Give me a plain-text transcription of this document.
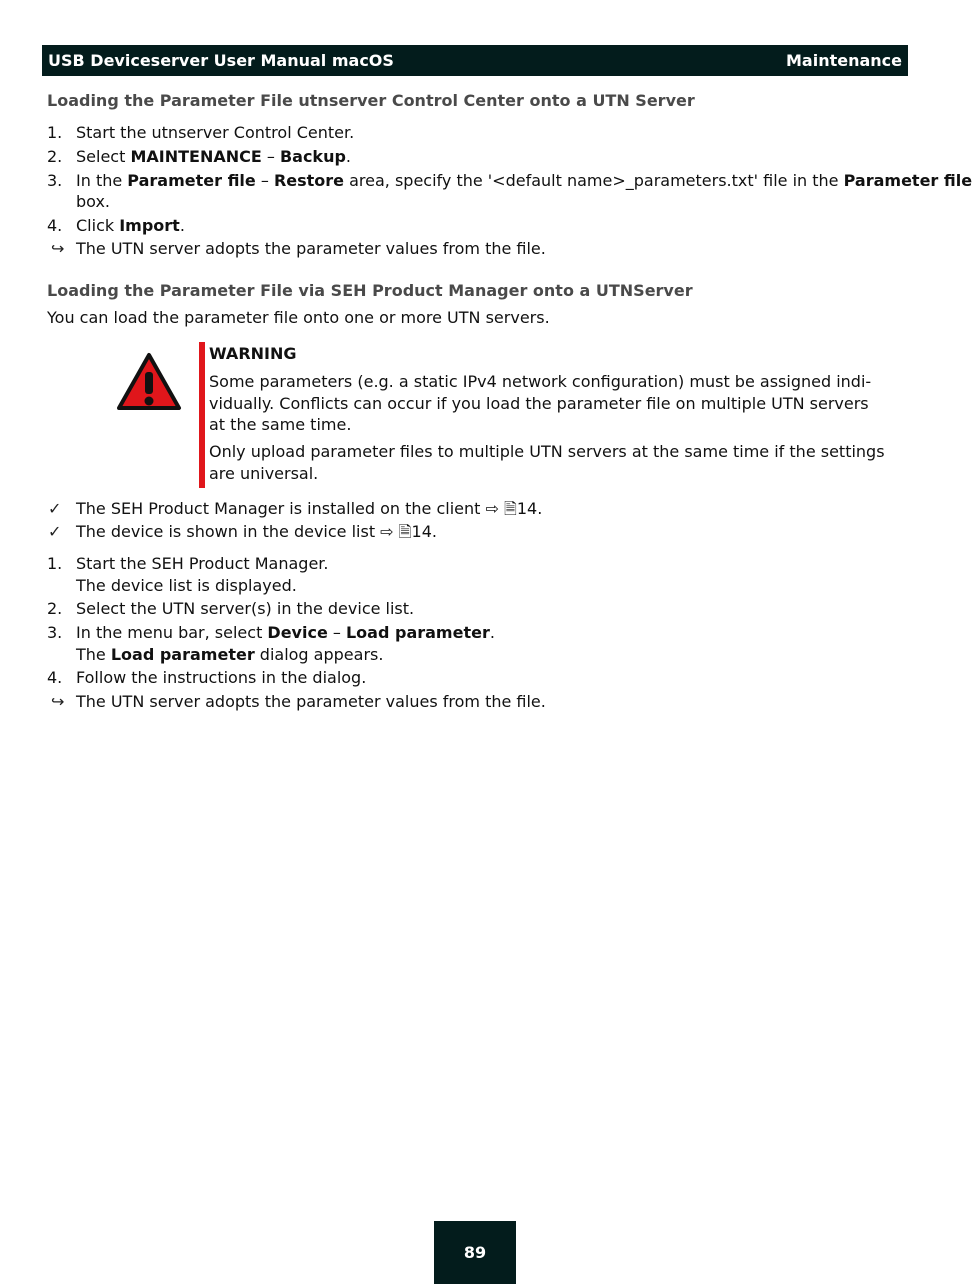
USB Deviceserver User Manual macOS	Maintenance
Loading the Parameter File utnserver Control Center onto a UTN Server
1. Start the utnserver Control Center.
2. Select MAINTENANCE – Backup.
3. In the Parameter file – Restore area, specify the '<default name>_parameters.txt' file in the Parameter file
box.
4. Click Import.
↪ The UTN server adopts the parameter values from the file.
Loading the Parameter File via SEH Product Manager onto a UTNServer
You can load the parameter file onto one or more UTN servers.
WARNING
Some parameters (e.g. a static IPv4 network configuration) must be assigned indi-
vidually. Conflicts can occur if you load the parameter file on multiple UTN servers
at the same time.
Only upload parameter files to multiple UTN servers at the same time if the settings
are universal.
✓ The SEH Product Manager is installed on the client ⇨ 🗎14.
✓ The device is shown in the device list ⇨ 🗎14.
1. Start the SEH Product Manager.
The device list is displayed.
2. Select the UTN server(s) in the device list.
3. In the menu bar, select Device – Load parameter.
The Load parameter dialog appears.
4. Follow the instructions in the dialog.
↪ The UTN server adopts the parameter values from the file.
89
